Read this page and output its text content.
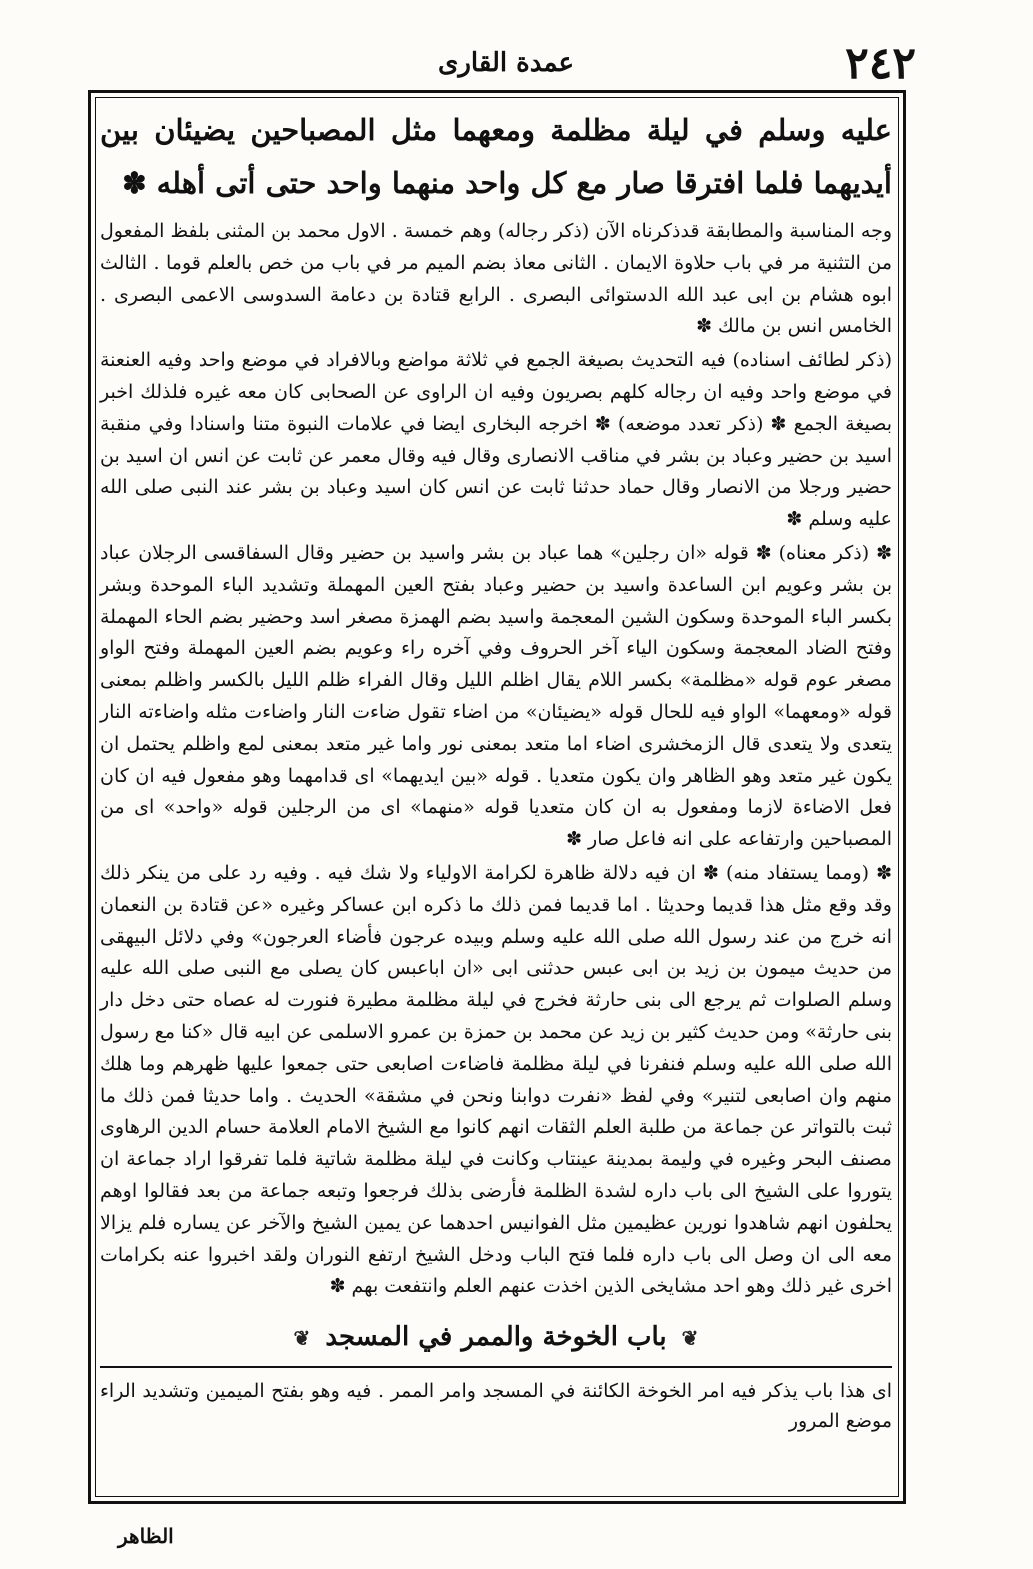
عمدة القارى	٢٤٢
عليه وسلم في ليلة مظلمة ومعهما مثل المصباحين يضيئان بين أيديهما فلما افترقا صار مع كل واحد منهما واحد حتى أتى أهله ✽

وجه المناسبة والمطابقة قدذكرناه الآن (ذكر رجاله) وهم خمسة . الاول محمد بن المثنى بلفظ المفعول من التثنية مر في باب حلاوة الايمان . الثانى معاذ بضم الميم مر في باب من خص بالعلم قوما . الثالث ابوه هشام بن ابى عبد الله الدستوائى البصرى . الرابع قتادة بن دعامة السدوسى الاعمى البصرى . الخامس انس بن مالك ✽

(ذكر لطائف اسناده) فيه التحديث بصيغة الجمع في ثلاثة مواضع وبالافراد في موضع واحد وفيه العنعنة في موضع واحد وفيه ان رجاله كلهم بصريون وفيه ان الراوى عن الصحابى كان معه غيره فلذلك اخبر بصيغة الجمع ✽ (ذكر تعدد موضعه) ✽ اخرجه البخارى ايضا في علامات النبوة متنا واسنادا وفي منقبة اسيد بن حضير وعباد بن بشر في مناقب الانصارى وقال فيه وقال معمر عن ثابت عن انس ان اسيد بن حضير ورجلا من الانصار وقال حماد حدثنا ثابت عن انس كان اسيد وعباد بن بشر عند النبى صلى الله عليه وسلم ✽

✽ (ذكر معناه) ✽ قوله «ان رجلين» هما عباد بن بشر واسيد بن حضير وقال السفاقسى الرجلان عباد بن بشر وعويم ابن الساعدة واسيد بن حضير وعباد بفتح العين المهملة وتشديد الباء الموحدة وبشر بكسر الباء الموحدة وسكون الشين المعجمة واسيد بضم الهمزة مصغر اسد وحضير بضم الحاء المهملة وفتح الضاد المعجمة وسكون الياء آخر الحروف وفي آخره راء وعويم بضم العين المهملة وفتح الواو مصغر عوم قوله «مظلمة» بكسر اللام يقال اظلم الليل وقال الفراء ظلم الليل بالكسر واظلم بمعنى قوله «ومعهما» الواو فيه للحال قوله «يضيئان» من اضاء تقول ضاءت النار واضاءت مثله واضاءته النار يتعدى ولا يتعدى قال الزمخشرى اضاء اما متعد بمعنى نور واما غير متعد بمعنى لمع واظلم يحتمل ان يكون غير متعد وهو الظاهر وان يكون متعديا . قوله «بين ايديهما» اى قدامهما وهو مفعول فيه ان كان فعل الاضاءة لازما ومفعول به ان كان متعديا قوله «منهما» اى من الرجلين قوله «واحد» اى من المصباحين وارتفاعه على انه فاعل صار ✽

✽ (ومما يستفاد منه) ✽ ان فيه دلالة ظاهرة لكرامة الاولياء ولا شك فيه . وفيه رد على من ينكر ذلك وقد وقع مثل هذا قديما وحديثا . اما قديما فمن ذلك ما ذكره ابن عساكر وغيره «عن قتادة بن النعمان انه خرج من عند رسول الله صلى الله عليه وسلم وبيده عرجون فأضاء العرجون» وفي دلائل البيهقى من حديث ميمون بن زيد بن ابى عبس حدثنى ابى «ان اباعبس كان يصلى مع النبى صلى الله عليه وسلم الصلوات ثم يرجع الى بنى حارثة فخرج في ليلة مظلمة مطيرة فنورت له عصاه حتى دخل دار بنى حارثة» ومن حديث كثير بن زيد عن محمد بن حمزة بن عمرو الاسلمى عن ابيه قال «كنا مع رسول الله صلى الله عليه وسلم فنفرنا في ليلة مظلمة فاضاءت اصابعى حتى جمعوا عليها ظهرهم وما هلك منهم وان اصابعى لتنير» وفي لفظ «نفرت دوابنا ونحن في مشقة» الحديث . واما حديثا فمن ذلك ما ثبت بالتواتر عن جماعة من طلبة العلم الثقات انهم كانوا مع الشيخ الامام العلامة حسام الدين الرهاوى مصنف البحر وغيره في وليمة بمدينة عينتاب وكانت في ليلة مظلمة شاتية فلما تفرقوا اراد جماعة ان يتوروا على الشيخ الى باب داره لشدة الظلمة فأرضى بذلك فرجعوا وتبعه جماعة من بعد فقالوا اوهم يحلفون انهم شاهدوا نورين عظيمين مثل الفوانيس احدهما عن يمين الشيخ والآخر عن يساره فلم يزالا معه الى ان وصل الى باب داره فلما فتح الباب ودخل الشيخ ارتفع النوران ولقد اخبروا عنه بكرامات اخرى غير ذلك وهو احد مشايخى الذين اخذت عنهم العلم وانتفعت بهم ✽

❦ باب الخوخة والممر في المسجد ❦
اى هذا باب يذكر فيه امر الخوخة الكائنة في المسجد وامر الممر . فيه وهو بفتح الميمين وتشديد الراء موضع المرور
الظاهر
